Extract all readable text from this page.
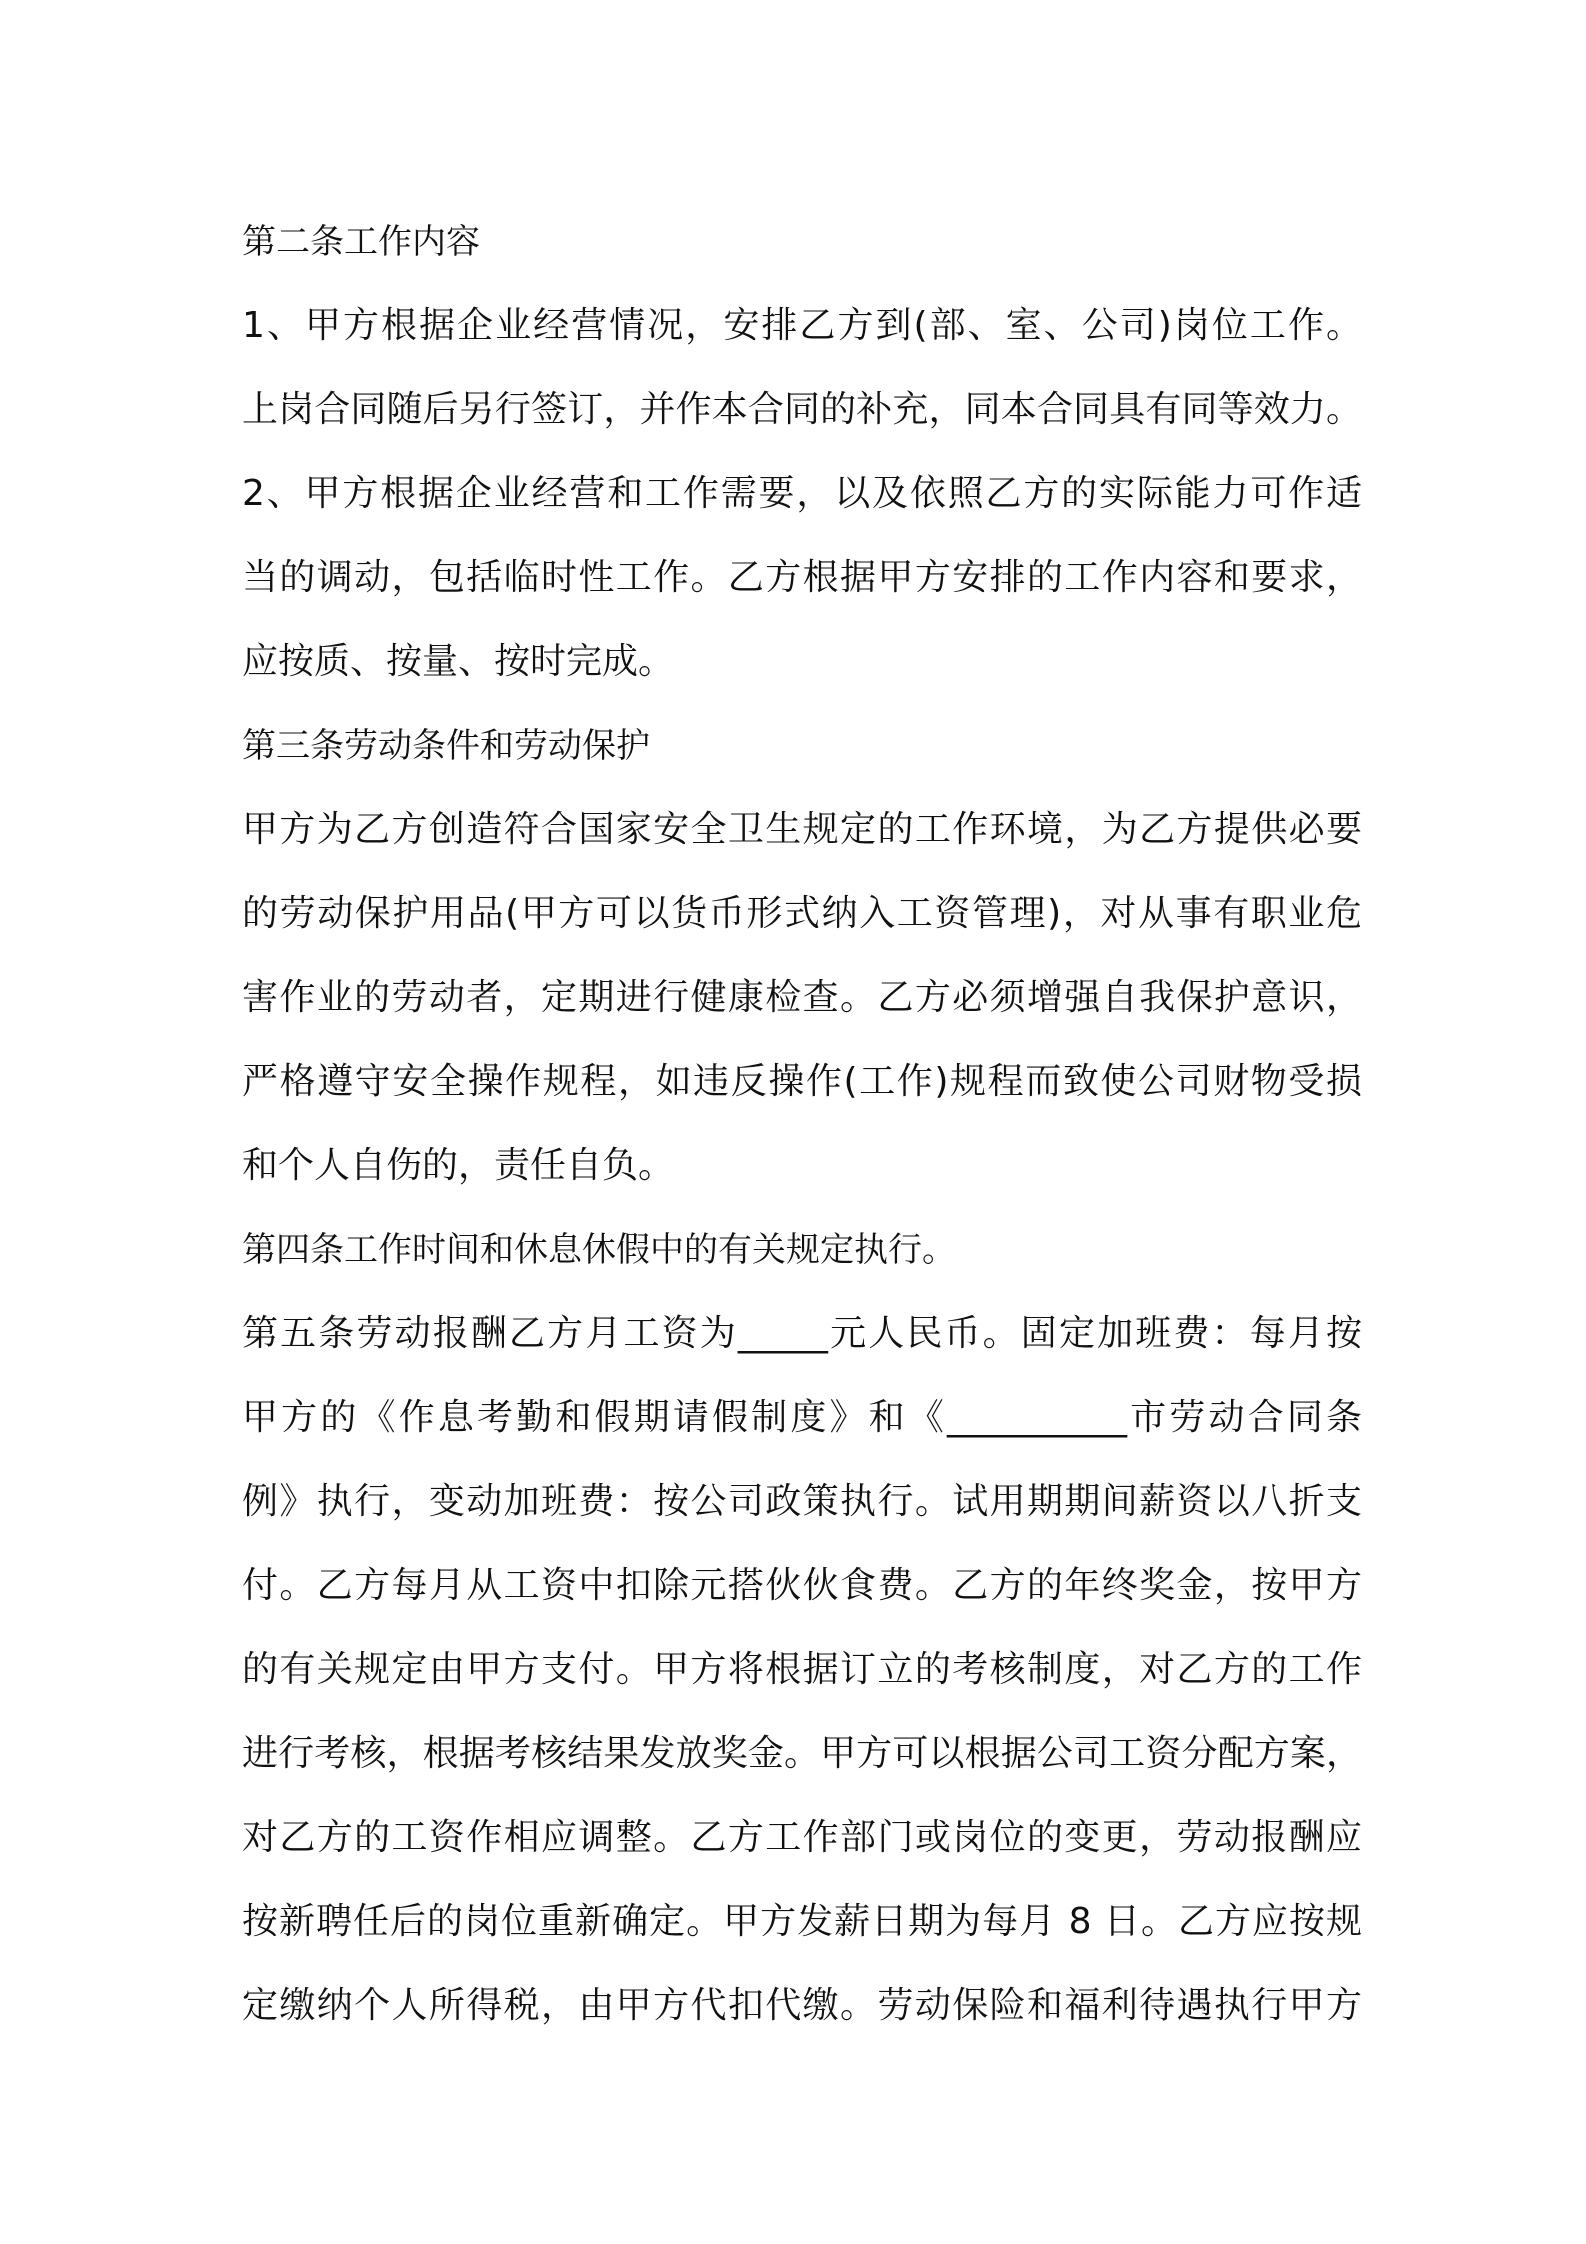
第二条工作内容
1、甲方根据企业经营情况，安排乙方到(部、室、公司)岗位工作。
上岗合同随后另行签订，并作本合同的补充，同本合同具有同等效力。
2、甲方根据企业经营和工作需要，以及依照乙方的实际能力可作适
当的调动，包括临时性工作。乙方根据甲方安排的工作内容和要求，
应按质、按量、按时完成。
第三条劳动条件和劳动保护
甲方为乙方创造符合国家安全卫生规定的工作环境，为乙方提供必要
的劳动保护用品(甲方可以货币形式纳入工资管理)，对从事有职业危
害作业的劳动者，定期进行健康检查。乙方必须增强自我保护意识，
严格遵守安全操作规程，如违反操作(工作)规程而致使公司财物受损
和个人自伤的，责任自负。
第四条工作时间和休息休假中的有关规定执行。
第五条劳动报酬乙方月工资为_____元人民币。固定加班费：每月按
甲方的《作息考勤和假期请假制度》和《__________市劳动合同条
例》执行，变动加班费：按公司政策执行。试用期期间薪资以八折支
付。乙方每月从工资中扣除元搭伙伙食费。乙方的年终奖金，按甲方
的有关规定由甲方支付。甲方将根据订立的考核制度，对乙方的工作
进行考核，根据考核结果发放奖金。甲方可以根据公司工资分配方案，
对乙方的工资作相应调整。乙方工作部门或岗位的变更，劳动报酬应
按新聘任后的岗位重新确定。甲方发薪日期为每月 8 日。乙方应按规
定缴纳个人所得税，由甲方代扣代缴。劳动保险和福利待遇执行甲方
